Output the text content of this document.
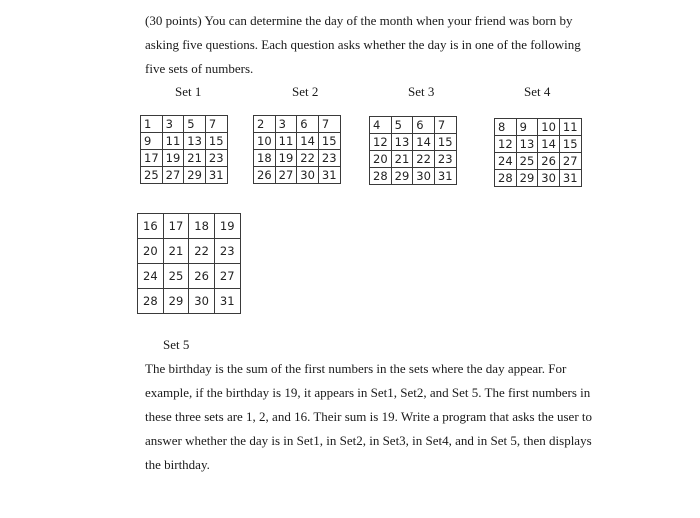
(30 points) You can determine the day of the month when your friend was born by asking five questions. Each question asks whether the day is in one of the following five sets of numbers.
Set 1	Set 2	Set 3	Set 4
1	3	5	7
9	11	13	15
17	19	21	23
25	27	29	31
2	3	6	7
10	11	14	15
18	19	22	23
26	27	30	31
4	5	6	7
12	13	14	15
20	21	22	23
28	29	30	31
8	9	10	11
12	13	14	15
24	25	26	27
28	29	30	31
16	17	18	19
20	21	22	23
24	25	26	27
28	29	30	31
Set 5
The birthday is the sum of the first numbers in the sets where the day appear. For example, if the birthday is 19, it appears in Set1, Set2, and Set 5. The first numbers in these three sets are 1, 2, and 16. Their sum is 19. Write a program that asks the user to answer whether the day is in Set1, in Set2, in Set3, in Set4, and in Set 5, then displays the birthday.
